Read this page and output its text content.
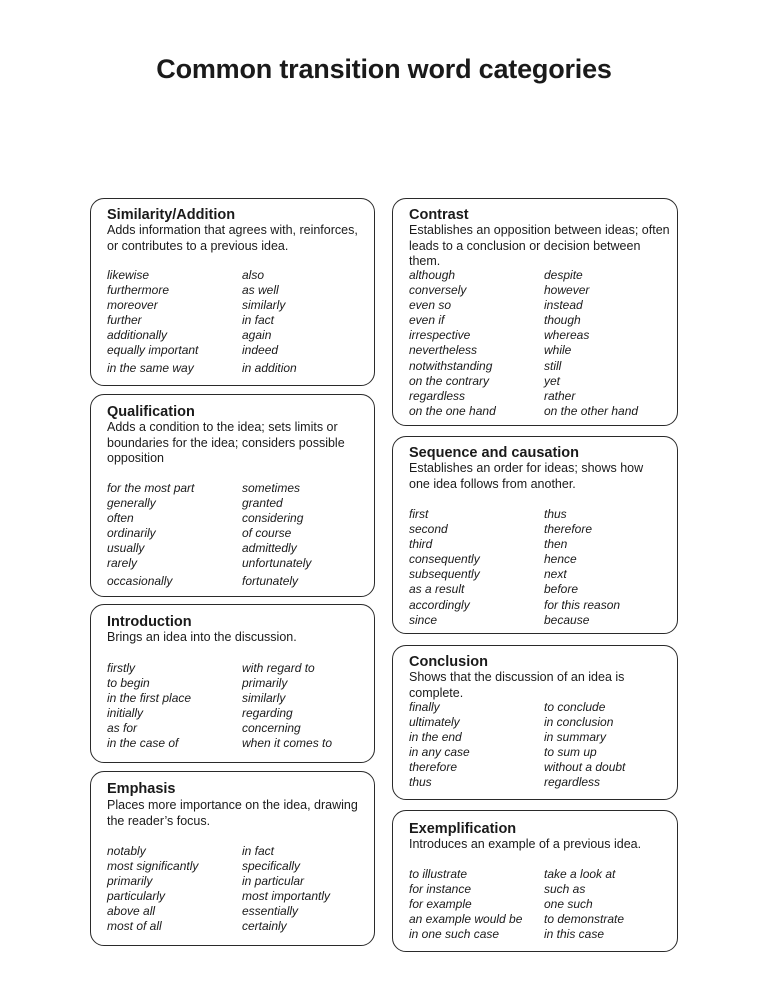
Common transition word categories
Similarity/Addition
Adds information that agrees with, reinforces, or contributes to a previous idea.
likewise
furthermore
moreover
further
additionally
equally important
also
as well
similarly
in fact
again
indeed
in the same way	in addition
Qualification
Adds a condition to the idea; sets limits or boundaries for the idea; considers possible opposition
for the most part
generally
often
ordinarily
usually
rarely
sometimes
granted
considering
of course
admittedly
unfortunately
occasionally	fortunately
Introduction
Brings an idea into the discussion.
firstly
to begin
in the first place
initially
as for
in the case of
with regard to
primarily
similarly
regarding
concerning
when it comes to
Emphasis
Places more importance on the idea, drawing the reader’s focus.
notably
most significantly
primarily
particularly
above all
most of all
in fact
specifically
in particular
most importantly
essentially
certainly
Contrast
Establishes an opposition between ideas; often leads to a conclusion or decision between them.
although
conversely
even so
even if
irrespective
nevertheless
notwithstanding
on the contrary
regardless
on the one hand
despite
however
instead
though
whereas
while
still
yet
rather
on the other hand
Sequence and causation
Establishes an order for ideas; shows how one idea follows from another.
first
second
third
consequently
subsequently
as a result
accordingly
since
thus
therefore
then
hence
next
before
for this reason
because
Conclusion
Shows that the discussion of an idea is complete.
finally
ultimately
in the end
in any case
therefore
thus
to conclude
in conclusion
in summary
to sum up
without a doubt
regardless
Exemplification
Introduces an example of a previous idea.
to illustrate
for instance
for example
an example would be
in one such case
take a look at
such as
one such
to demonstrate
in this case
